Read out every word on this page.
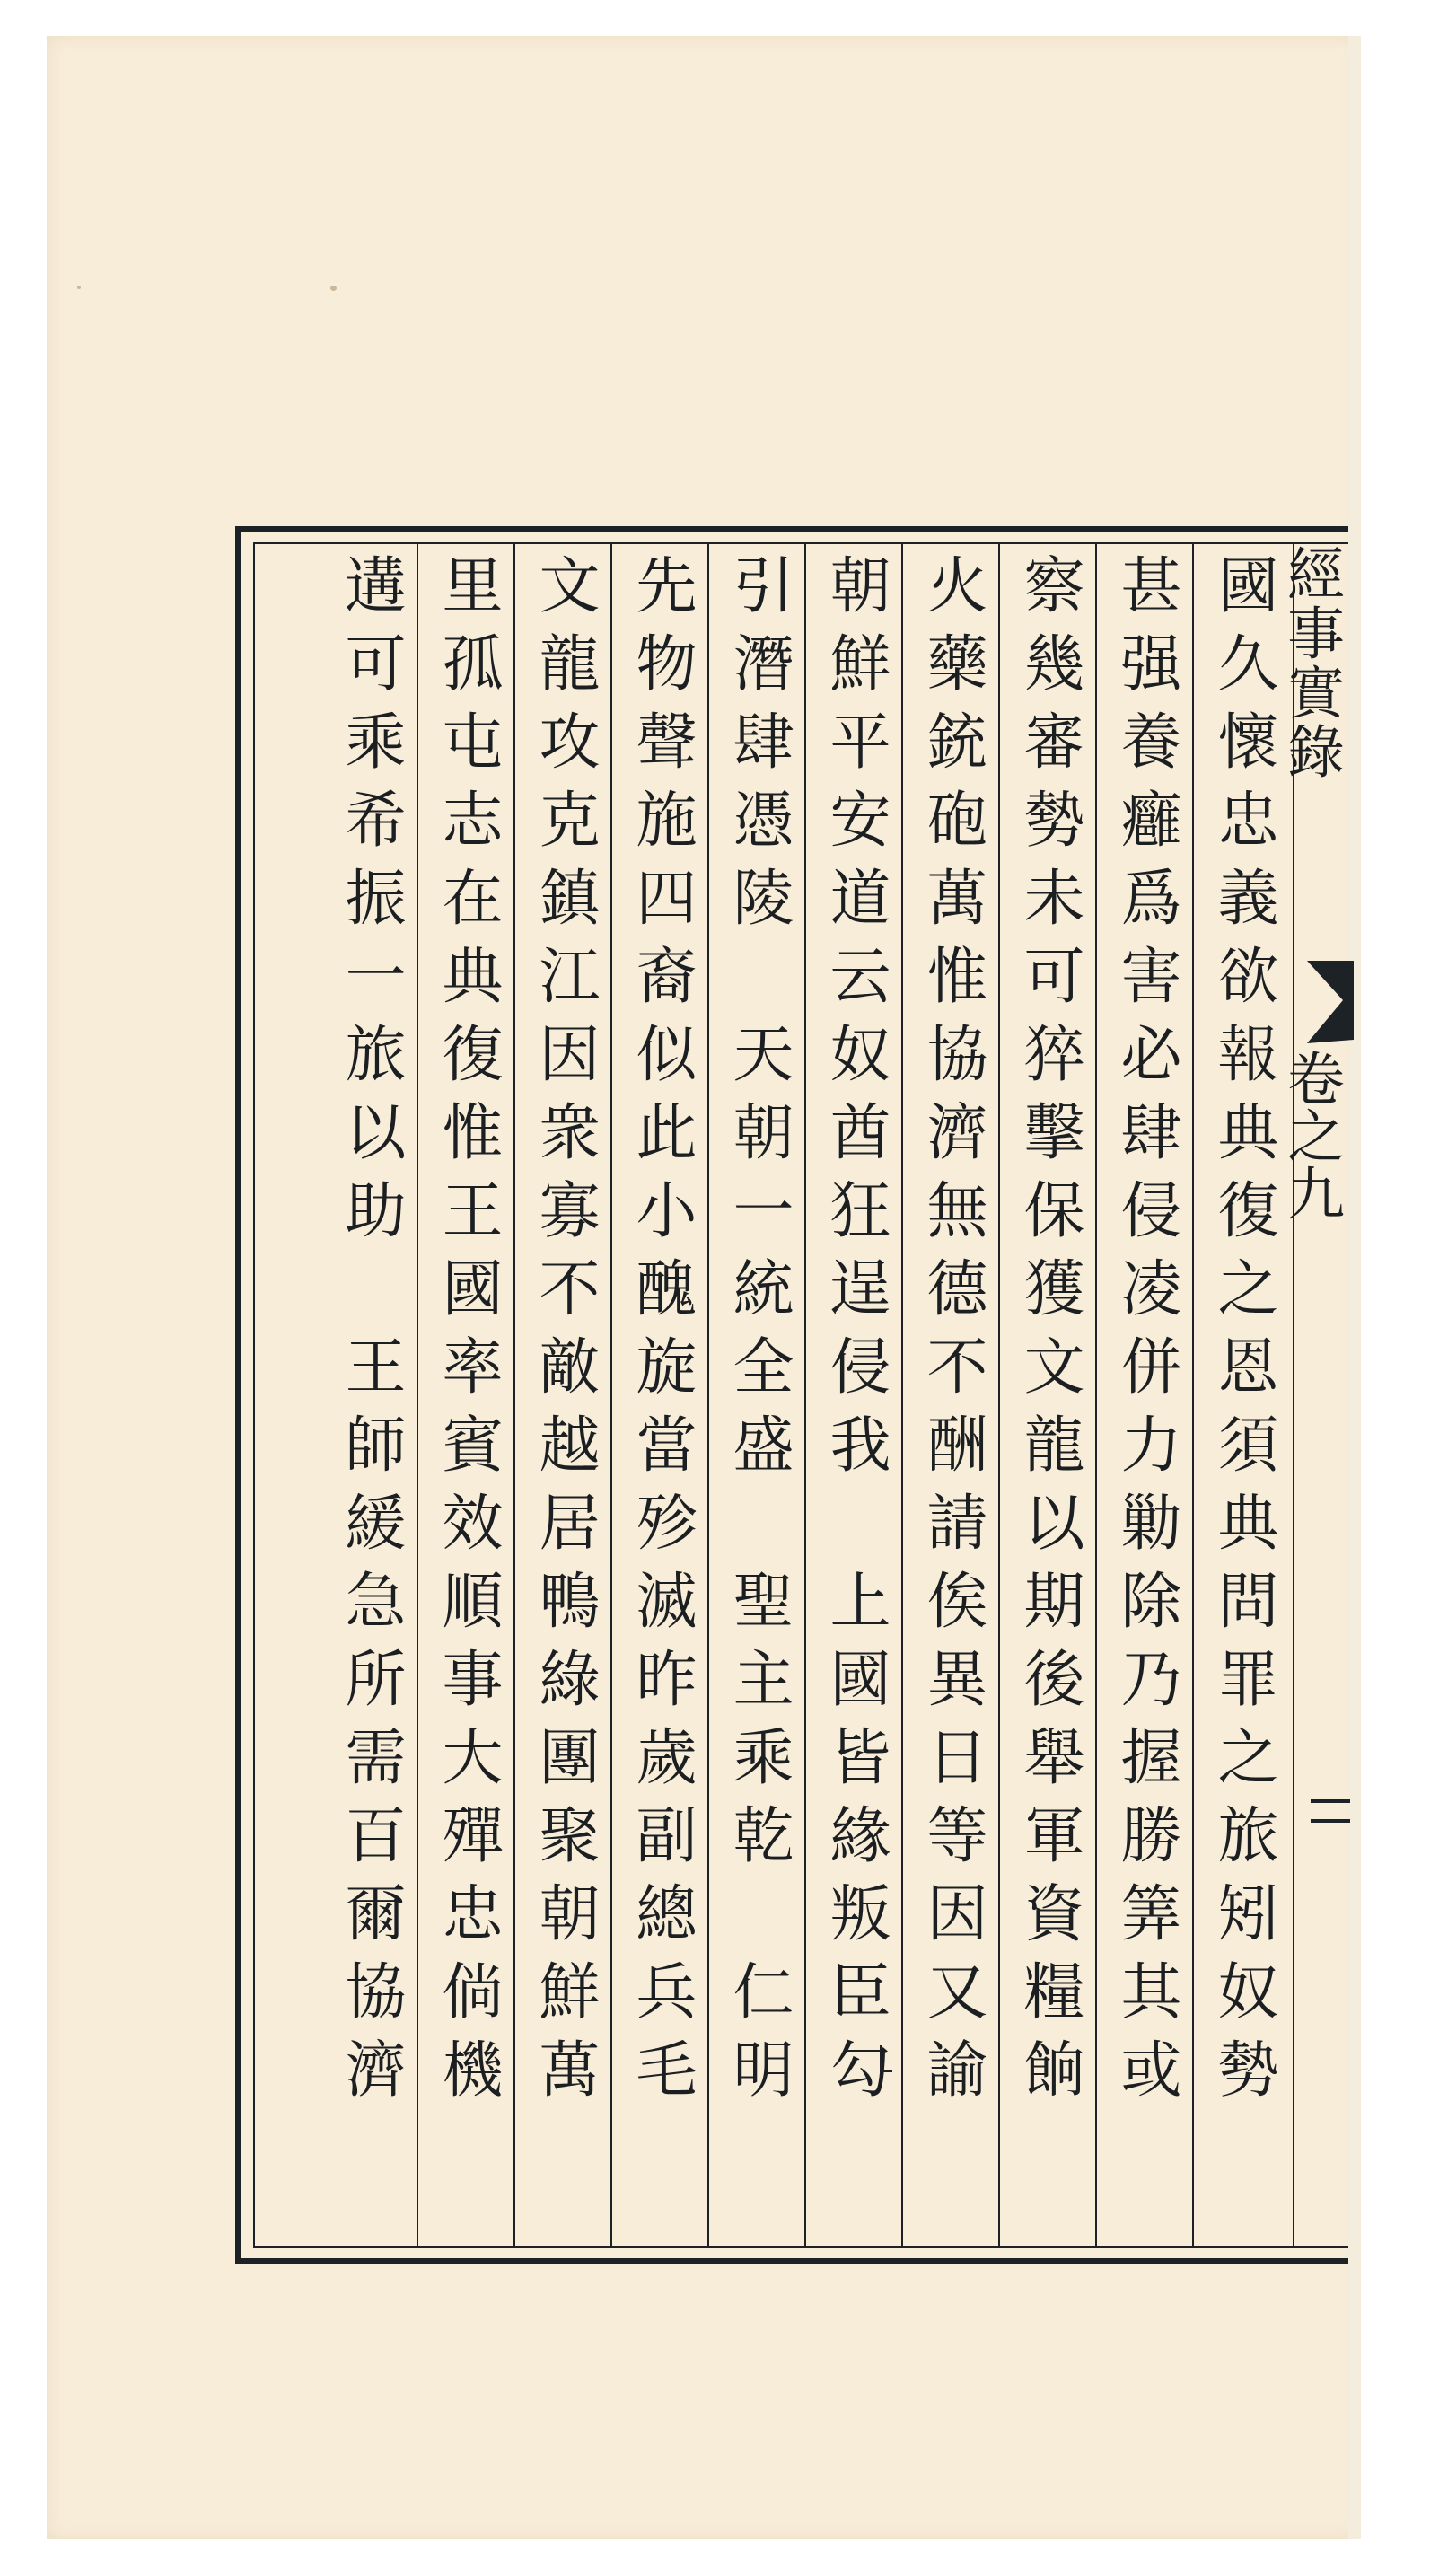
經事實錄
卷之九
國久懷忠義欲報典復之恩須典問罪之旅矧奴勢
甚强養癰爲害必肆侵凌併力勦除乃握勝筭其或
察幾審勢未可猝擊保獲文龍以期後舉軍資糧餉
火藥銃砲萬惟協濟無德不酬請俟異日等因又諭
朝鮮平安道云奴酋狂逞侵我　上國皆緣叛臣勾
引潛肆憑陵　天朝一統全盛　聖主乘乾　仁明
先物聲施四裔似此小醜旋當殄滅昨歲副總兵毛
文龍攻克鎮江因衆寡不敵越居鴨綠團聚朝鮮萬
里孤屯志在典復惟王國率賓效順事大殫忠倘機
遘可乘希振一旅以助　王師緩急所需百爾協濟
